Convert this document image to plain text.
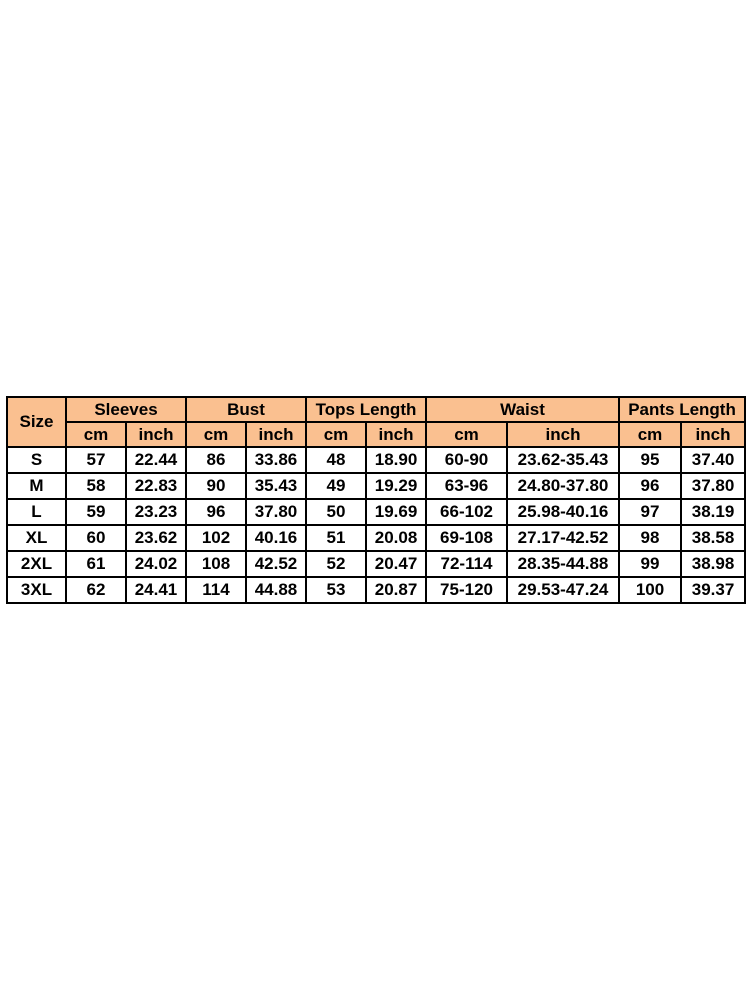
Size	Sleeves		Bust		Tops Length		Waist		Pants Length	
	cm	inch	cm	inch	cm	inch	cm	inch	cm	inch
S	57	22.44	86	33.86	48	18.90	60-90	23.62-35.43	95	37.40
M	58	22.83	90	35.43	49	19.29	63-96	24.80-37.80	96	37.80
L	59	23.23	96	37.80	50	19.69	66-102	25.98-40.16	97	38.19
XL	60	23.62	102	40.16	51	20.08	69-108	27.17-42.52	98	38.58
2XL	61	24.02	108	42.52	52	20.47	72-114	28.35-44.88	99	38.98
3XL	62	24.41	114	44.88	53	20.87	75-120	29.53-47.24	100	39.37
